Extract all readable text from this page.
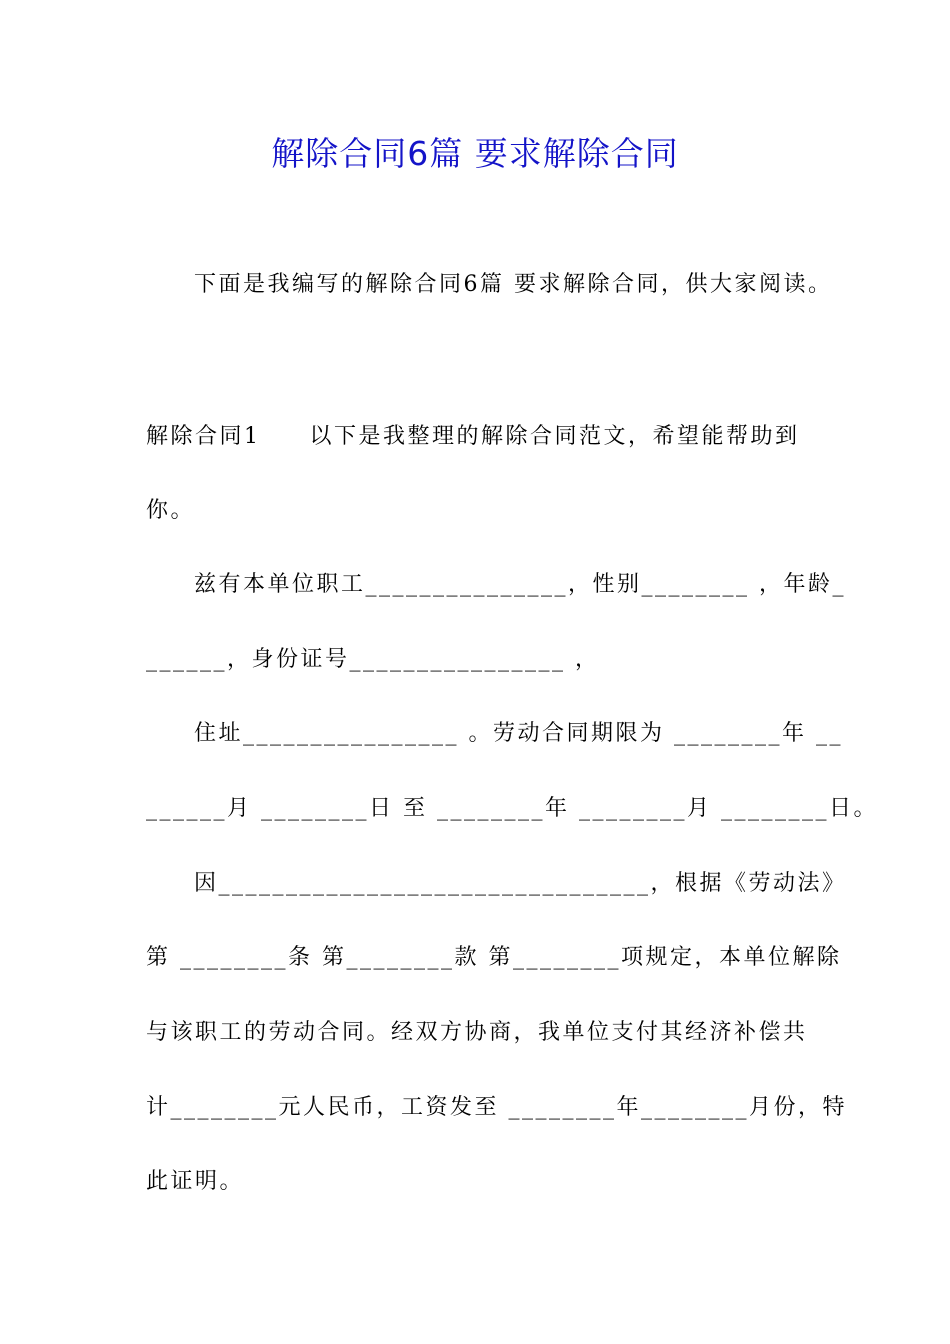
解除合同6篇 要求解除合同
下面是我编写的解除合同6篇 要求解除合同，供大家阅读。
解除合同1　　以下是我整理的解除合同范文，希望能帮助到
你。
兹有本单位职工_______________，性别________ ，年龄_
______，身份证号________________ ，
住址________________ 。劳动合同期限为 ________年 __
______月 ________日 至 ________年 ________月 ________日。
因________________________________，根据《劳动法》
第 ________条 第________款 第________项规定，本单位解除
与该职工的劳动合同。经双方协商，我单位支付其经济补偿共
计________元人民币，工资发至 ________年________月份，特
此证明。
